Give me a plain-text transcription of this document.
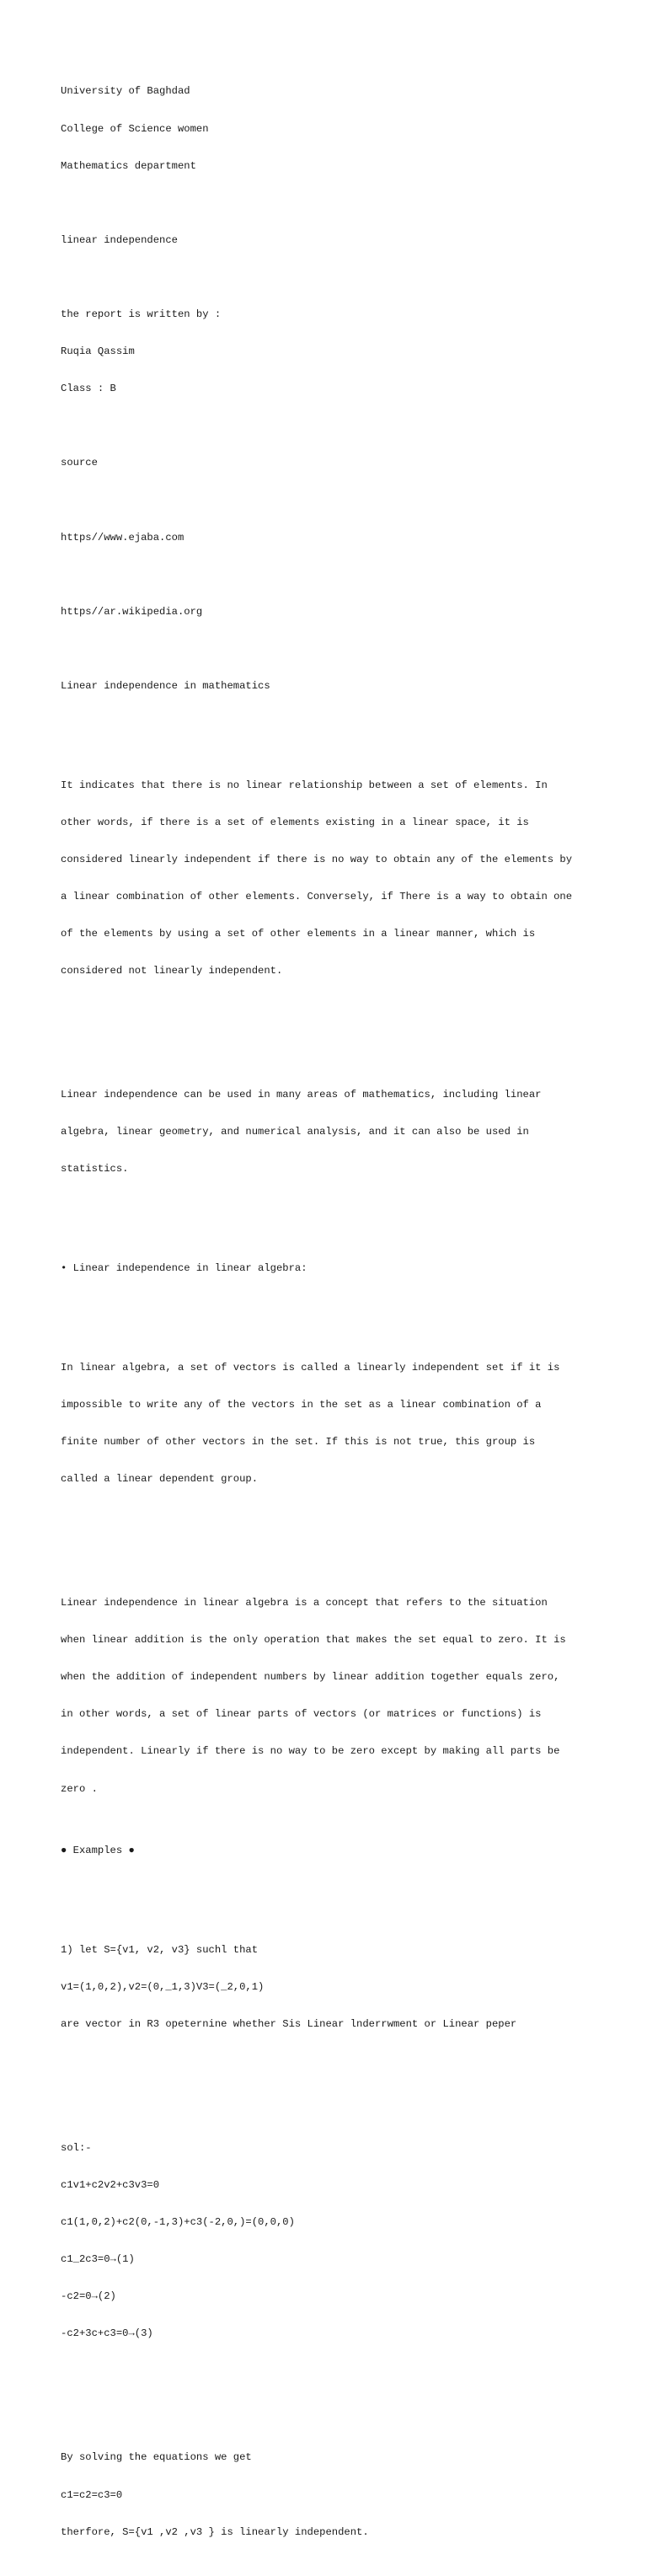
University of Baghdad

College of Science women

Mathematics department

linear independence

the report is written by :

Ruqia Qassim

Class : B

source

https//www.ejaba.com

https//ar.wikipedia.org

Linear independence in mathematics

It indicates that there is no linear relationship between a set of elements. In

other words, if there is a set of elements existing in a linear space, it is

considered linearly independent if there is no way to obtain any of the elements by

a linear combination of other elements. Conversely, if There is a way to obtain one

of the elements by using a set of other elements in a linear manner, which is

considered not linearly independent.

Linear independence can be used in many areas of mathematics, including linear

algebra, linear geometry, and numerical analysis, and it can also be used in

statistics.

• Linear independence in linear algebra:

In linear algebra, a set of vectors is called a linearly independent set if it is

impossible to write any of the vectors in the set as a linear combination of a

finite number of other vectors in the set. If this is not true, this group is

called a linear dependent group.

Linear independence in linear algebra is a concept that refers to the situation

when linear addition is the only operation that makes the set equal to zero. It is

when the addition of independent numbers by linear addition together equals zero,

in other words, a set of linear parts of vectors (or matrices or functions) is

independent. Linearly if there is no way to be zero except by making all parts be

zero .

● Examples ●

1) let S={v1, v2, v3} suchl that

v1=(1,0,2),v2=(0,_1,3)V3=(_2,0,1)

are vector in R3 opeternine whether Sis Linear lnderrwment or Linear peper

sol:-

c1v1+c2v2+c3v3=0

c1(1,0,2)+c2(0,-1,3)+c3(-2,0,)=(0,0,0)

c1_2c3=0→(1)

-c2=0→(2)

-c2+3c+c3=0→(3)

By solving the equations we get

c1=c2=c3=0

therfore, S={v1 ,v2 ,v3 } is linearly independent.
